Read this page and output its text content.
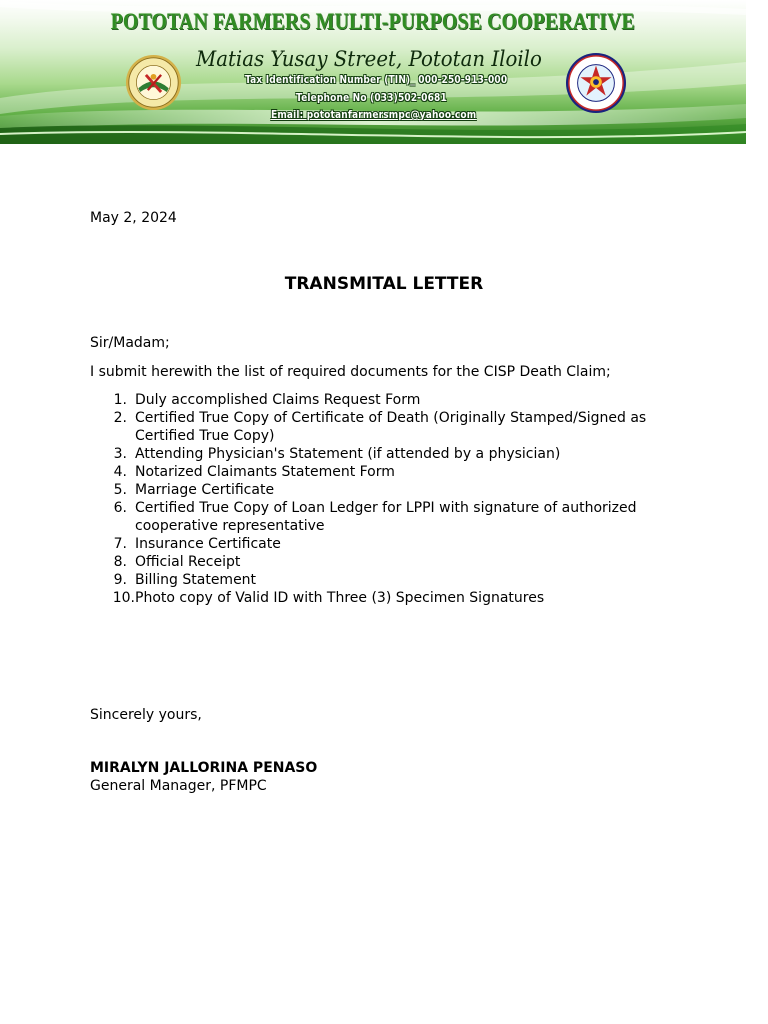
POTOTAN FARMERS MULTI-PURPOSE COOPERATIVE
Matias Yusay Street, Pototan Iloilo
Tax Identification Number (TIN)_ 000-250-913-000
Telephone No (033)502-0681
Email: pototanfarmersmpc@yahoo.com
May 2, 2024
TRANSMITAL LETTER
Sir/Madam;
I submit herewith the list of required documents for the CISP Death Claim;
1. Duly accomplished Claims Request Form
2. Certified True Copy of Certificate of Death (Originally Stamped/Signed as
Certified True Copy)
3. Attending Physician's Statement (if attended by a physician)
4. Notarized Claimants Statement Form
5. Marriage Certificate
6. Certified True Copy of Loan Ledger for LPPI with signature of authorized
cooperative representative
7. Insurance Certificate
8. Official Receipt
9. Billing Statement
10. Photo copy of Valid ID with Three (3) Specimen Signatures
Sincerely yours,
MIRALYN JALLORINA PENASO
General Manager, PFMPC
